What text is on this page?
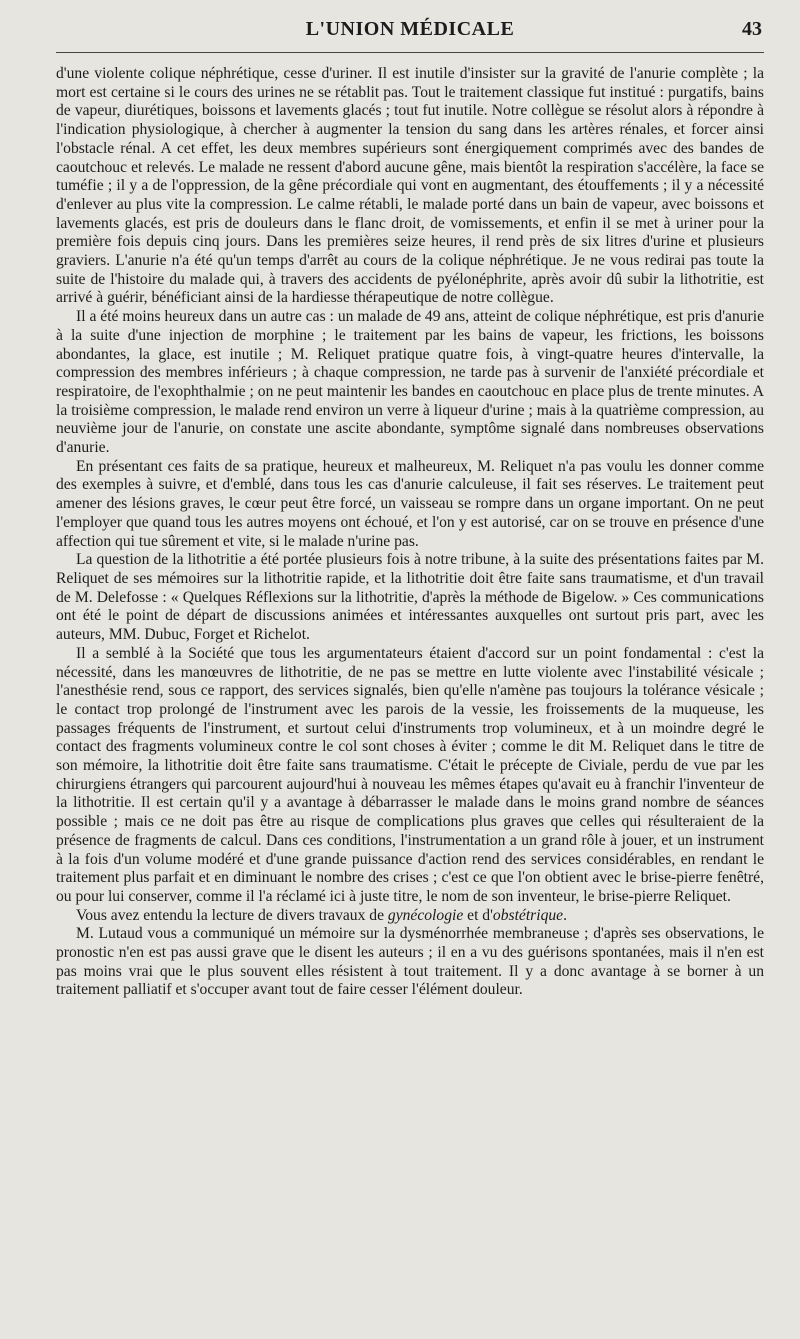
L'UNION MÉDICALE	43

d'une violente colique néphrétique, cesse d'uriner. Il est inutile d'insister sur la gravité de l'anurie complète ; la mort est certaine si le cours des urines ne se rétablit pas. Tout le traitement classique fut institué : purgatifs, bains de vapeur, diurétiques, boissons et lavements glacés ; tout fut inutile. Notre collègue se résolut alors à répondre à l'indication physiologique, à chercher à augmenter la tension du sang dans les artères rénales, et forcer ainsi l'obstacle rénal. A cet effet, les deux membres supérieurs sont énergiquement comprimés avec des bandes de caoutchouc et relevés. Le malade ne ressent d'abord aucune gêne, mais bientôt la respiration s'accélère, la face se tuméfie ; il y a de l'oppression, de la gêne précordiale qui vont en augmentant, des étouffements ; il y a nécessité d'enlever au plus vite la compression. Le calme rétabli, le malade porté dans un bain de vapeur, avec boissons et lavements glacés, est pris de douleurs dans le flanc droit, de vomissements, et enfin il se met à uriner pour la première fois depuis cinq jours. Dans les premières seize heures, il rend près de six litres d'urine et plusieurs graviers. L'anurie n'a été qu'un temps d'arrêt au cours de la colique néphrétique. Je ne vous redirai pas toute la suite de l'histoire du malade qui, à travers des accidents de pyélonéphrite, après avoir dû subir la lithotritie, est arrivé à guérir, bénéficiant ainsi de la hardiesse thérapeutique de notre collègue.

Il a été moins heureux dans un autre cas : un malade de 49 ans, atteint de colique néphrétique, est pris d'anurie à la suite d'une injection de morphine ; le traitement par les bains de vapeur, les frictions, les boissons abondantes, la glace, est inutile ; M. Reliquet pratique quatre fois, à vingt-quatre heures d'intervalle, la compression des membres inférieurs ; à chaque compression, ne tarde pas à survenir de l'anxiété précordiale et respiratoire, de l'exophthalmie ; on ne peut maintenir les bandes en caoutchouc en place plus de trente minutes. A la troisième compression, le malade rend environ un verre à liqueur d'urine ; mais à la quatrième compression, au neuvième jour de l'anurie, on constate une ascite abondante, symptôme signalé dans nombreuses observations d'anurie.

En présentant ces faits de sa pratique, heureux et malheureux, M. Reliquet n'a pas voulu les donner comme des exemples à suivre, et d'emblé, dans tous les cas d'anurie calculeuse, il fait ses réserves. Le traitement peut amener des lésions graves, le cœur peut être forcé, un vaisseau se rompre dans un organe important. On ne peut l'employer que quand tous les autres moyens ont échoué, et l'on y est autorisé, car on se trouve en présence d'une affection qui tue sûrement et vite, si le malade n'urine pas.

La question de la lithotritie a été portée plusieurs fois à notre tribune, à la suite des présentations faites par M. Reliquet de ses mémoires sur la lithotritie rapide, et la lithotritie doit être faite sans traumatisme, et d'un travail de M. Delefosse : « Quelques Réflexions sur la lithotritie, d'après la méthode de Bigelow. » Ces communications ont été le point de départ de discussions animées et intéressantes auxquelles ont surtout pris part, avec les auteurs, MM. Dubuc, Forget et Richelot.

Il a semblé à la Société que tous les argumentateurs étaient d'accord sur un point fondamental : c'est la nécessité, dans les manœuvres de lithotritie, de ne pas se mettre en lutte violente avec l'instabilité vésicale ; l'anesthésie rend, sous ce rapport, des services signalés, bien qu'elle n'amène pas toujours la tolérance vésicale ; le contact trop prolongé de l'instrument avec les parois de la vessie, les froissements de la muqueuse, les passages fréquents de l'instrument, et surtout celui d'instruments trop volumineux, et à un moindre degré le contact des fragments volumineux contre le col sont choses à éviter ; comme le dit M. Reliquet dans le titre de son mémoire, la lithotritie doit être faite sans traumatisme. C'était le précepte de Civiale, perdu de vue par les chirurgiens étrangers qui parcourent aujourd'hui à nouveau les mêmes étapes qu'avait eu à franchir l'inventeur de la lithotritie. Il est certain qu'il y a avantage à débarrasser le malade dans le moins grand nombre de séances possible ; mais ce ne doit pas être au risque de complications plus graves que celles qui résulteraient de la présence de fragments de calcul. Dans ces conditions, l'instrumentation a un grand rôle à jouer, et un instrument à la fois d'un volume modéré et d'une grande puissance d'action rend des services considérables, en rendant le traitement plus parfait et en diminuant le nombre des crises ; c'est ce que l'on obtient avec le brise-pierre fenêtré, ou pour lui conserver, comme il l'a réclamé ici à juste titre, le nom de son inventeur, le brise-pierre Reliquet.

Vous avez entendu la lecture de divers travaux de gynécologie et d'obstétrique.

M. Lutaud vous a communiqué un mémoire sur la dysménorrhée membraneuse ; d'après ses observations, le pronostic n'en est pas aussi grave que le disent les auteurs ; il en a vu des guérisons spontanées, mais il n'en est pas moins vrai que le plus souvent elles résistent à tout traitement. Il y a donc avantage à se borner à un traitement palliatif et s'occuper avant tout de faire cesser l'élément douleur.
